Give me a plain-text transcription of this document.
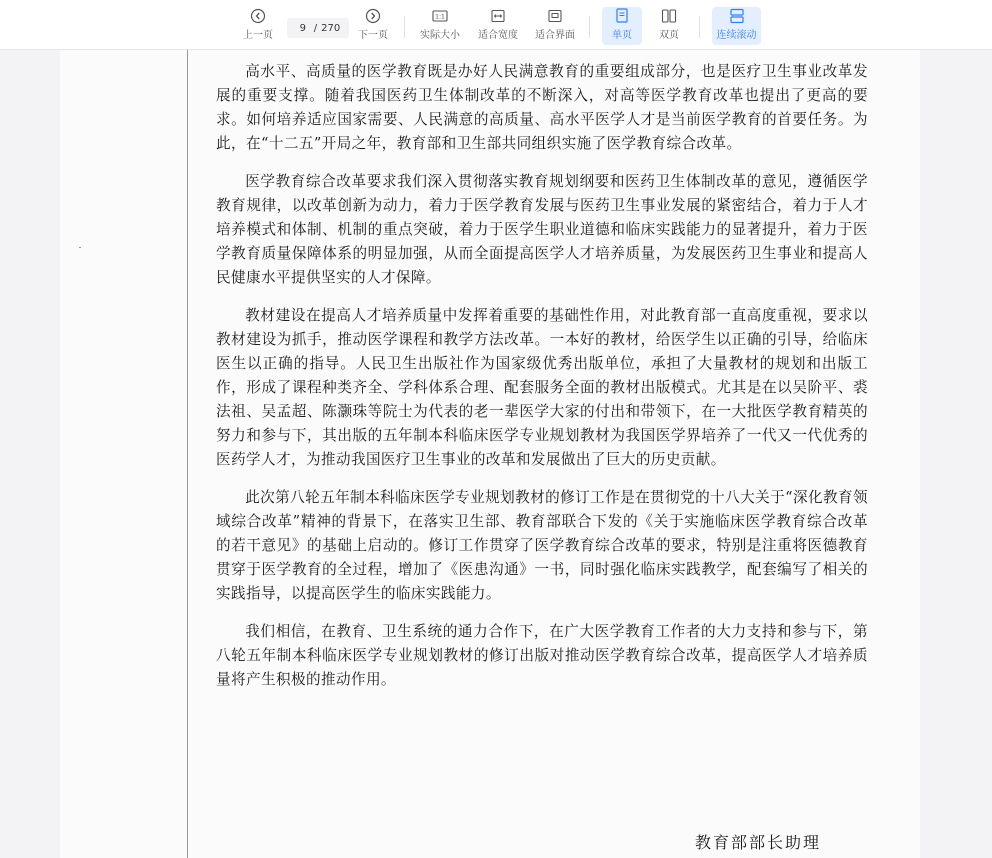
上一页
9
/ 270
下一页
1:1
实际大小 适合宽度 适合界面	单页	双页	连续滚动

高水平、高质量的医学教育既是办好人民满意教育的重要组成部分，也是医疗卫生事业改革发展的重要支撑。随着我国医药卫生体制改革的不断深入，对高等医学教育改革也提出了更高的要求。如何培养适应国家需要、人民满意的高质量、高水平医学人才是当前医学教育的首要任务。为此，在“十二五”开局之年，教育部和卫生部共同组织实施了医学教育综合改革。

医学教育综合改革要求我们深入贯彻落实教育规划纲要和医药卫生体制改革的意见，遵循医学教育规律，以改革创新为动力，着力于医学教育发展与医药卫生事业发展的紧密结合，着力于人才培养模式和体制、机制的重点突破，着力于医学生职业道德和临床实践能力的显著提升，着力于医学教育质量保障体系的明显加强，从而全面提高医学人才培养质量，为发展医药卫生事业和提高人民健康水平提供坚实的人才保障。

教材建设在提高人才培养质量中发挥着重要的基础性作用，对此教育部一直高度重视，要求以教材建设为抓手，推动医学课程和教学方法改革。一本好的教材，给医学生以正确的引导，给临床医生以正确的指导。人民卫生出版社作为国家级优秀出版单位，承担了大量教材的规划和出版工作，形成了课程种类齐全、学科体系合理、配套服务全面的教材出版模式。尤其是在以吴阶平、裘法祖、吴孟超、陈灏珠等院士为代表的老一辈医学大家的付出和带领下，在一大批医学教育精英的努力和参与下，其出版的五年制本科临床医学专业规划教材为我国医学界培养了一代又一代优秀的医药学人才，为推动我国医疗卫生事业的改革和发展做出了巨大的历史贡献。

此次第八轮五年制本科临床医学专业规划教材的修订工作是在贯彻党的十八大关于“深化教育领域综合改革”精神的背景下，在落实卫生部、教育部联合下发的《关于实施临床医学教育综合改革的若干意见》的基础上启动的。修订工作贯穿了医学教育综合改革的要求，特别是注重将医德教育贯穿于医学教育的全过程，增加了《医患沟通》一书，同时强化临床实践教学，配套编写了相关的实践指导，以提高医学生的临床实践能力。

我们相信，在教育、卫生系统的通力合作下，在广大医学教育工作者的大力支持和参与下，第八轮五年制本科临床医学专业规划教材的修订出版对推动医学教育综合改革，提高医学人才培养质量将产生积极的推动作用。

教育部部长助理
